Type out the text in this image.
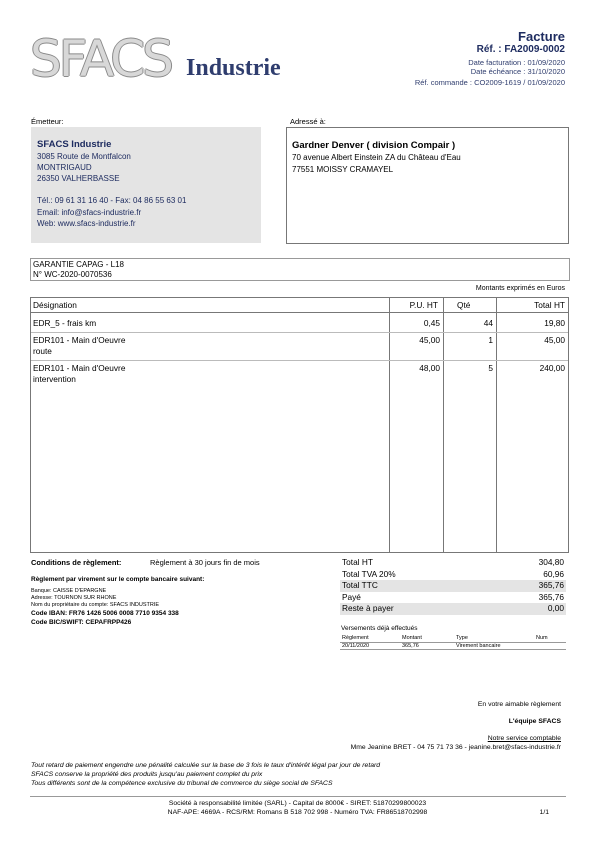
SFACS Industrie
Facture
Réf. : FA2009-0002
Date facturation : 01/09/2020
Date échéance : 31/10/2020
Réf. commande : CO2009-1619 / 01/09/2020
Émetteur:	Adressé à:
SFACS Industrie
3085 Route de Montfalcon
MONTRIGAUD
26350 VALHERBASSE
Tél.: 09 61 31 16 40 - Fax: 04 86 55 63 01
Email: info@sfacs-industrie.fr
Web: www.sfacs-industrie.fr
Gardner Denver ( division Compair )
70 avenue Albert Einstein ZA du Château d'Eau
77551 MOISSY CRAMAYEL
GARANTIE CAPAG - L18
N° WC-2020-0070536
Montants exprimés en Euros
Désignation	P.U. HT Qté	Total HT
EDR_5 - frais km	0,45	44	19,80
EDR101 - Main d'Oeuvre
route
45,00	1	45,00
EDR101 - Main d'Oeuvre
intervention
48,00	5	240,00
Conditions de règlement:	Règlement à 30 jours fin de mois
Règlement par virement sur le compte bancaire suivant:
Banque: CAISSE D'EPARGNE
Adresse: TOURNON SUR RHONE
Nom du propriétaire du compte: SFACS INDUSTRIE
Code IBAN: FR76 1426 5006 0008 7710 9354 338
Code BIC/SWIFT: CEPAFRPP426
Total HT	304,80
Total TVA 20%	60,96
Total TTC	365,76
Payé	365,76
Reste à payer	0,00
Versements déjà effectués
Règlement	Montant	Type	Num
20/11/2020	365,76	Virement bancaire
En votre aimable règlement
L'équipe SFACS
Notre service comptable
Mme Jeanine BRET - 04 75 71 73 36 - jeanine.bret@sfacs-industrie.fr
Tout retard de paiement engendre une pénalité calculée sur la base de 3 fois le taux d'intérêt légal par jour de retard
SFACS conserve la propriété des produits jusqu'au paiement complet du prix
Tous différents sont de la compétence exclusive du tribunal de commerce du siège social de SFACS
Société à responsabilité limitée (SARL) - Capital de 8000€ - SIRET: 51870299800023
NAF-APE: 4669A - RCS/RM: Romans B 518 702 998 - Numéro TVA: FR86518702998	1/1
